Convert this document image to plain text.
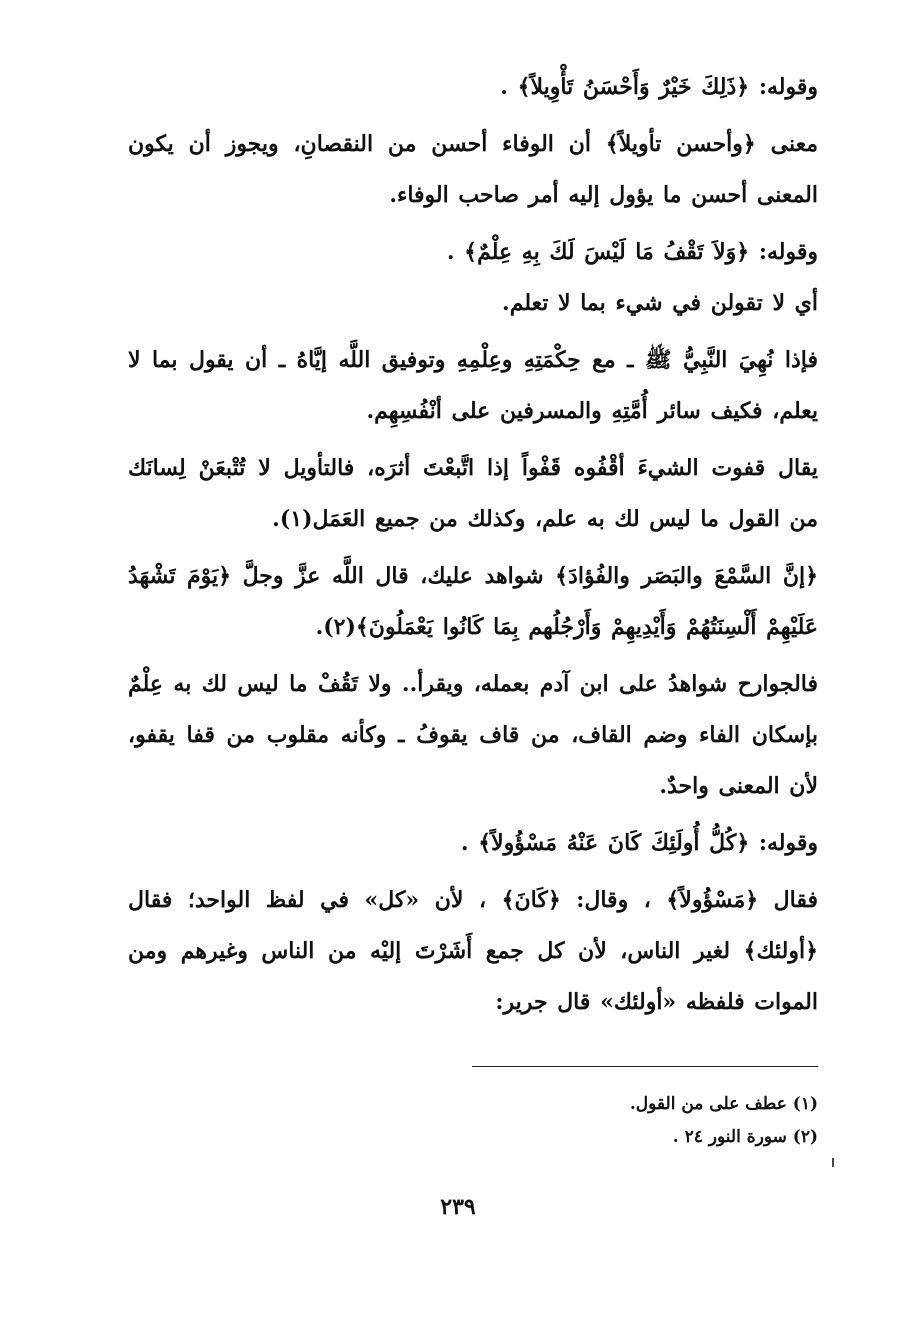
وقوله: ﴿ذَلِكَ خَيْرٌ وَأَحْسَنُ تَأْوِيلاً﴾ .

معنى ﴿وأحسن تأويلاً﴾ أن الوفاء أحسن من النقصانِ، ويجوز أن يكون المعنى أحسن ما يؤول إليه أمر صاحب الوفاء.

وقوله: ﴿وَلاَ تَقْفُ مَا لَيْسَ لَكَ بِهِ عِلْمٌ﴾ .

أي لا تقولن في شيء بما لا تعلم.

فإذا نُهِيَ النَّبِيُّ ﷺ ـ مع حِكْمَتِهِ وعِلْمِهِ وتوفيق اللَّه إيَّاهُ ـ أن يقول بما لا يعلم، فكيف سائر أُمَّتِهِ والمسرفين على أنْفُسِهِم.

يقال قفوت الشيءَ أقْفُوه قَفْواً إذا اتَّبعْتَ أثرَه، فالتأويل لا تُتْبعَنْ لِسانَك من القول ما ليس لك به علم، وكذلك من جميع العَمَل(١).

﴿إنَّ السَّمْعَ والبَصَر والفُؤادَ﴾ شواهد عليك، قال اللَّه عزَّ وجلَّ ﴿يَوْمَ تَشْهَدُ عَلَيْهِمْ أَلْسِنَتُهُمْ وَأَيْدِيهِمْ وَأَرْجُلُهم بِمَا كَانُوا يَعْمَلُونَ﴾(٢).

فالجوارح شواهدُ على ابن آدم بعمله، ويقرأ.. ولا تَقُفْ ما ليس لك به عِلْمٌ بإسكان الفاء وضم القاف، من قاف يقوفُ ـ وكأنه مقلوب من قفا يقفو، لأن المعنى واحدٌ.

وقوله: ﴿كُلُّ أُولَئِكَ كَانَ عَنْهُ مَسْؤُولاً﴾ .

فقال ﴿مَسْؤُولاً﴾ ، وقال: ﴿كَانَ﴾ ، لأن «كل» في لفظ الواحد؛ فقال ﴿أولئك﴾ لغير الناس، لأن كل جمع أَشَرْتَ إليْه من الناس وغيرهم ومن الموات فلفظه «أولئك» قال جرير:

(١) عطف على من القول.

(٢) سورة النور ٢٤ .

٢٣٩
